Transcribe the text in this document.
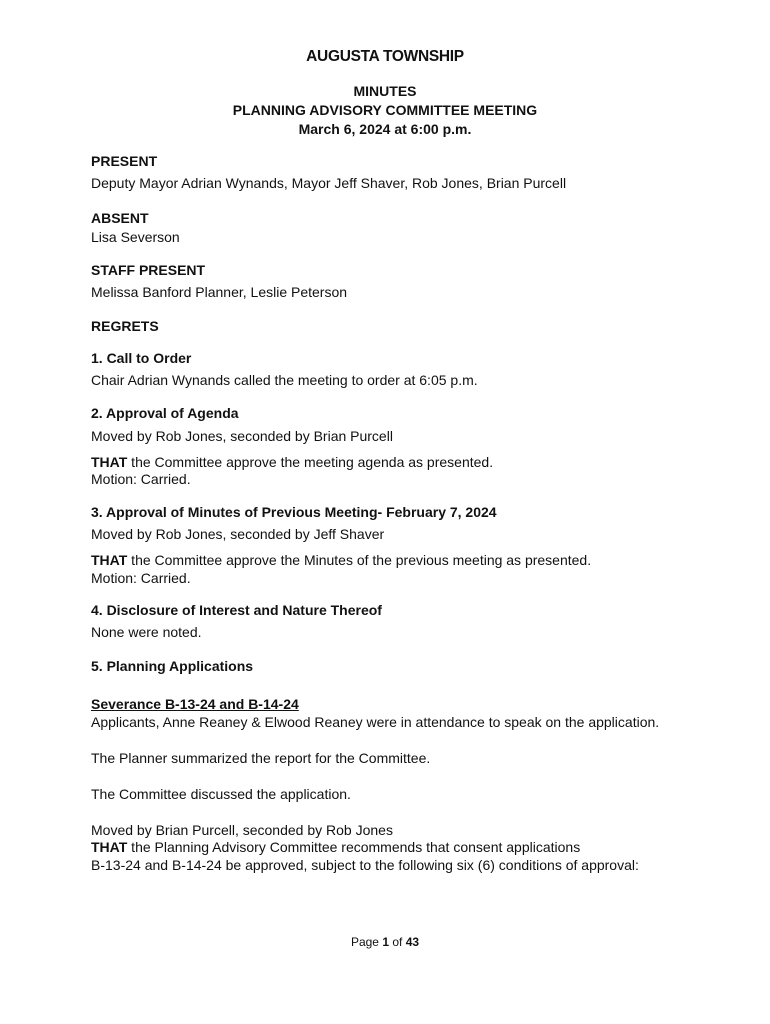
AUGUSTA TOWNSHIP
MINUTES
PLANNING ADVISORY COMMITTEE MEETING
March 6, 2024 at 6:00 p.m.
PRESENT
Deputy Mayor Adrian Wynands, Mayor Jeff Shaver, Rob Jones, Brian Purcell
ABSENT
Lisa Severson
STAFF PRESENT
Melissa Banford Planner, Leslie Peterson
REGRETS
1. Call to Order
Chair Adrian Wynands called the meeting to order at 6:05 p.m.
2. Approval of Agenda
Moved by Rob Jones, seconded by Brian Purcell
THAT the Committee approve the meeting agenda as presented.
Motion: Carried.
3. Approval of Minutes of Previous Meeting- February 7, 2024
Moved by Rob Jones, seconded by Jeff Shaver
THAT the Committee approve the Minutes of the previous meeting as presented.
Motion: Carried.
4. Disclosure of Interest and Nature Thereof
None were noted.
5. Planning Applications
Severance B-13-24 and B-14-24
Applicants, Anne Reaney & Elwood Reaney were in attendance to speak on the application.
The Planner summarized the report for the Committee.
The Committee discussed the application.
Moved by Brian Purcell, seconded by Rob Jones
THAT the Planning Advisory Committee recommends that consent applications
B-13-24 and B-14-24 be approved, subject to the following six (6) conditions of approval:
Page 1 of 43
